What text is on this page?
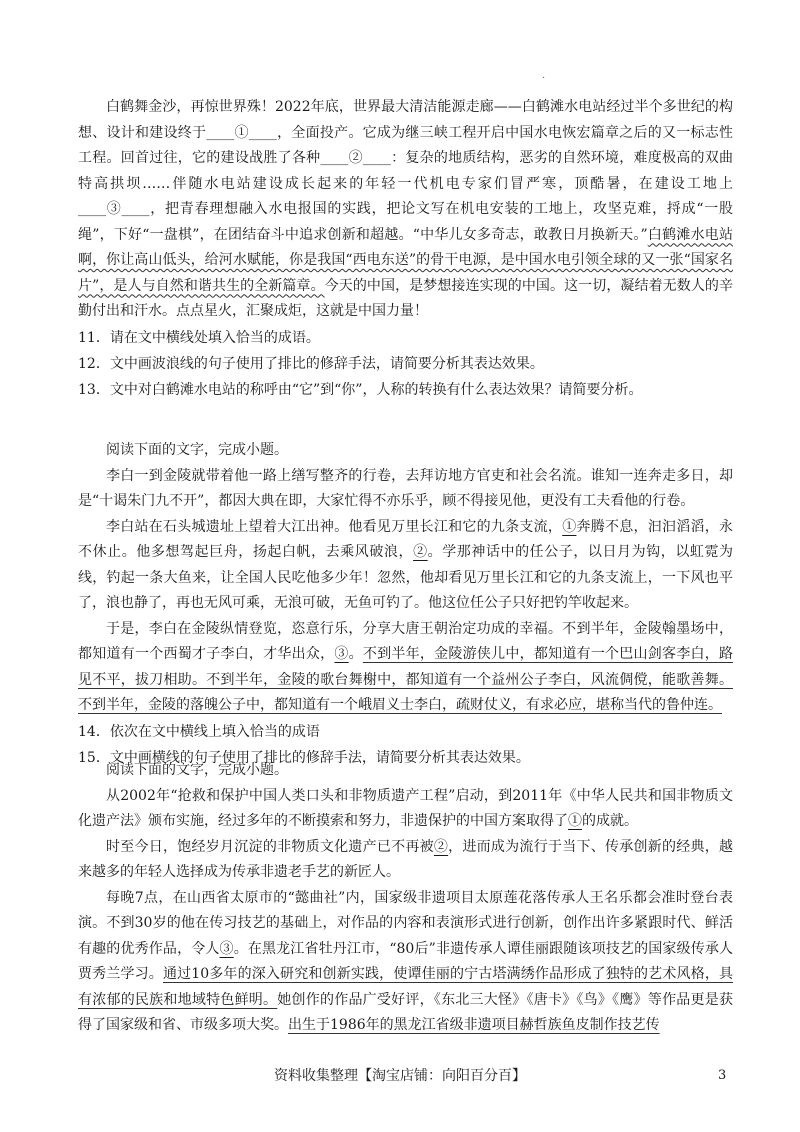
·

白鹤舞金沙，再惊世界殊！2022年底，世界最大清洁能源走廊——白鹤滩水电站经过半个多世纪的构想、设计和建设终于____①____，全面投产。它成为继三峡工程开启中国水电恢宏篇章之后的又一标志性工程。回首过往，它的建设战胜了各种____②____：复杂的地质结构，恶劣的自然环境，难度极高的双曲特高拱坝……伴随水电站建设成长起来的年轻一代机电专家们冒严寒，顶酷暑，在建设工地上____③____，把青春理想融入水电报国的实践，把论文写在机电安装的工地上，攻坚克难，捋成“一股绳”，下好“一盘棋”，在团结奋斗中追求创新和超越。“中华儿女多奇志，敢教日月换新天。”白鹤滩水电站啊，你让高山低头，给河水赋能，你是我国“西电东送”的骨干电源，是中国水电引领全球的又一张“国家名片”，是人与自然和谐共生的全新篇章。今天的中国，是梦想接连实现的中国。这一切，凝结着无数人的辛勤付出和汗水。点点星火，汇聚成炬，这就是中国力量！

11．请在文中横线处填入恰当的成语。

12．文中画波浪线的句子使用了排比的修辞手法，请简要分析其表达效果。

13．文中对白鹤滩水电站的称呼由“它”到“你”，人称的转换有什么表达效果？请简要分析。

阅读下面的文字，完成小题。

李白一到金陵就带着他一路上缮写整齐的行卷，去拜访地方官吏和社会名流。谁知一连奔走多日，却是“十谒朱门九不开”，都因大典在即，大家忙得不亦乐乎，顾不得接见他，更没有工夫看他的行卷。

李白站在石头城遗址上望着大江出神。他看见万里长江和它的九条支流，①奔腾不息，汩汩滔滔，永不休止。他多想驾起巨舟，扬起白帆，去乘风破浪，②。学那神话中的任公子，以日月为钩，以虹霓为线，钓起一条大鱼来，让全国人民吃他多少年！忽然，他却看见万里长江和它的九条支流上，一下风也平了，浪也静了，再也无风可乘，无浪可破，无鱼可钓了。他这位任公子只好把钓竿收起来。

于是，李白在金陵纵情登览，恣意行乐，分享大唐王朝治定功成的幸福。不到半年，金陵翰墨场中，都知道有一个西蜀才子李白，才华出众，③。不到半年，金陵游侠儿中，都知道有一个巴山剑客李白，路见不平，拔刀相助。不到半年，金陵的歌台舞榭中，都知道有一个益州公子李白，风流倜傥，能歌善舞。不到半年，金陵的落魄公子中，都知道有一个峨眉义士李白，疏财仗义，有求必应，堪称当代的鲁仲连。

14．依次在文中横线上填入恰当的成语

15．文中画横线的句子使用了排比的修辞手法，请简要分析其表达效果。

阅读下面的文字，完成小题。

从2002年“抢救和保护中国人类口头和非物质遗产工程”启动，到2011年《中华人民共和国非物质文化遗产法》颁布实施，经过多年的不断摸索和努力，非遗保护的中国方案取得了①的成就。

时至今日，饱经岁月沉淀的非物质文化遗产已不再被②，进而成为流行于当下、传承创新的经典，越来越多的年轻人选择成为传承非遗老手艺的新匠人。

每晚7点，在山西省太原市的“懿曲社”内，国家级非遗项目太原莲花落传承人王名乐都会准时登台表演。不到30岁的他在传习技艺的基础上，对作品的内容和表演形式进行创新，创作出许多紧跟时代、鲜活有趣的优秀作品，令人③。在黑龙江省牡丹江市，“80后”非遗传承人谭佳丽跟随该项技艺的国家级传承人贾秀兰学习。通过10多年的深入研究和创新实践，使谭佳丽的宁古塔满绣作品形成了独特的艺术风格，具有浓郁的民族和地域特色鲜明。她创作的作品广受好评，《东北三大怪》《唐卡》《鸟》《鹰》等作品更是获得了国家级和省、市级多项大奖。出生于1986年的黑龙江省级非遗项目赫哲族鱼皮制作技艺传

资料收集整理【淘宝店铺：向阳百分百】	3
